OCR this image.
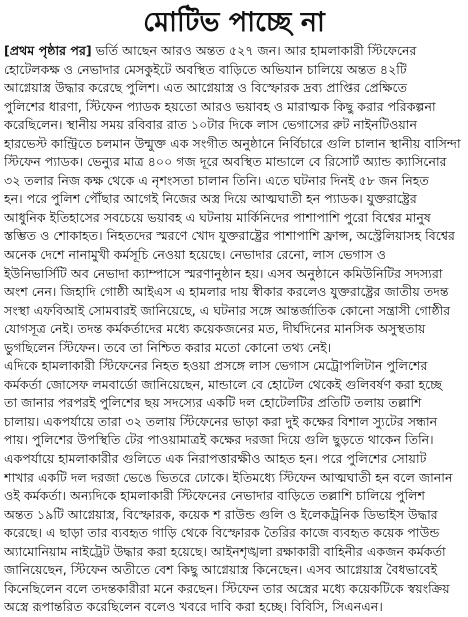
মোটিভ পাচ্ছে না
[প্রথম পৃষ্ঠার পর] ভর্তি আছেন আরও অন্তত ৫২৭ জন। আর হামলাকারী স্টিফেনের
হোটেলকক্ষ ও নেভাদার মেসকুইটে অবস্থিত বাড়িতে অভিযান চালিয়ে অন্তত ৪২টি
আগ্নেয়াস্ত্র উদ্ধার করেছে পুলিশ। এত আগ্নেয়াস্ত্র ও বিস্ফোরক দ্রব্য প্রাপ্তির প্রেক্ষিতে
পুলিশের ধারণা, স্টিফেন প্যাডক হয়তো আরও ভয়াবহ ও মারাত্মক কিছু করার পরিকল্পনা
করেছিলেন। স্থানীয় সময় রবিবার রাত ১০টার দিকে লাস ভেগাসের রুট নাইনটিওয়ান
হারভেস্ট কান্ট্রিতে চলমান উন্মুক্ত এক সংগীত অনুষ্ঠানে নির্বিচারে গুলি চালান স্থানীয় বাসিন্দা
স্টিফেন প্যাডক। ভেন্যুর মাত্র ৪০০ গজ দূরে অবস্থিত মান্ডালে বে রিসোর্ট অ্যান্ড ক্যাসিনোর
৩২ তলার নিজ কক্ষ থেকে এ নৃশংসতা চালান তিনি। এতে ঘটনার দিনই ৫৮ জন নিহত
হন। পরে পুলিশ পৌঁছার আগেই নিজের অস্ত্র দিয়ে আত্মঘাতী হন প্যাডক। যুক্তরাষ্ট্রের
আধুনিক ইতিহাসের সবচেয়ে ভয়াবহ এ ঘটনায় মার্কিনিদের পাশাপাশি পুরো বিশ্বের মানুষ
স্তম্ভিত ও শোকাহত। নিহতদের স্মরণে খোদ যুক্তরাষ্ট্রের পাশাপাশি ফ্রান্স, অস্ট্রেলিয়াসহ বিশ্বের
অনেক দেশে নানামুখী কর্মসূচি নেওয়া হয়েছে। নেভাদার রেনো, লাস ভেগাস ও
ইউনিভার্সিটি অব নেভাদা ক্যাম্পাসে স্মরণানুষ্ঠান হয়। এসব অনুষ্ঠানে কমিউনিটির সদস্যরা
অংশ নেন। জিহাদি গোষ্ঠী আইএস এ হামলার দায় স্বীকার করলেও যুক্তরাষ্ট্রের জাতীয় তদন্ত
সংস্থা এফবিআই সোমবারই জানিয়েছে, এ ঘটনার সঙ্গে আন্তর্জাতিক কোনো সন্ত্রাসী গোষ্ঠীর
যোগসূত্র নেই। তদন্ত কর্মকর্তাদের মধ্যে কয়েকজনের মত, দীর্ঘদিনের মানসিক অসুস্থতায়
ভুগছিলেন স্টিফেন। তবে তা নিশ্চিত করার মতো কোনো তথ্য নেই।
এদিকে হামলাকারী স্টিফেনের নিহত হওয়া প্রসঙ্গে লাস ভেগাস মেট্রোপলিটান পুলিশের
কর্মকর্তা জোসেফ লমবার্ডো জানিয়েছেন, মান্ডালে বে হোটেল থেকেই গুলিবর্ষণ করা হচ্ছে
তা জানার পরপরই পুলিশের ছয় সদস্যের একটি দল হোটেলটির প্রতিটি তলায় তল্লাশি
চালায়। একপর্যায়ে তারা ৩২ তলায় স্টিফেনের ভাড়া করা দুই কক্ষের বিশাল স্যুটের সন্ধান
পায়। পুলিশের উপস্থিতি টের পাওয়ামাত্রই কক্ষের দরজা দিয়ে গুলি ছুড়তে থাকেন তিনি।
একপর্যায়ে হামলাকারীর গুলিতে এক নিরাপত্তারক্ষীও আহত হন। পরে পুলিশের সোয়াট
শাখার একটি দল দরজা ভেঙে ভিতরে ঢোকে। ইতিমধ্যে স্টিফেন আত্মঘাতী হন বলে জানান
ওই কর্মকর্তা। অন্যদিকে হামলাকারী স্টিফেনের নেভাদার বাড়িতে তল্লাশি চালিয়ে পুলিশ
অন্তত ১৯টি আগ্নেয়াস্ত্র, বিস্ফোরক, কয়েক শ রাউন্ড গুলি ও ইলেকট্রনিক ডিভাইস উদ্ধার
করেছে। এ ছাড়া তার ব্যবহৃত গাড়ি থেকে বিস্ফোরক তৈরির কাজে ব্যবহৃত কয়েক পাউন্ড
অ্যামোনিয়াম নাইট্রেট উদ্ধার করা হয়েছে। আইনশৃঙ্খলা রক্ষাকারী বাহিনীর একজন কর্মকর্তা
জানিয়েছেন, স্টিফেন অতীতে বেশ কিছু আগ্নেয়াস্ত্র কিনেছেন। এসব আগ্নেয়াস্ত্র বৈধভাবেই
কিনেছিলেন বলে তদন্তকারীরা মনে করছেন। স্টিফেন তার অস্ত্রের মধ্যে কয়েকটিকে স্বয়ংক্রিয়
অস্ত্রে রূপান্তরিত করেছিলেন বলেও খবরে দাবি করা হচ্ছে। বিবিসি, সিএনএন।
